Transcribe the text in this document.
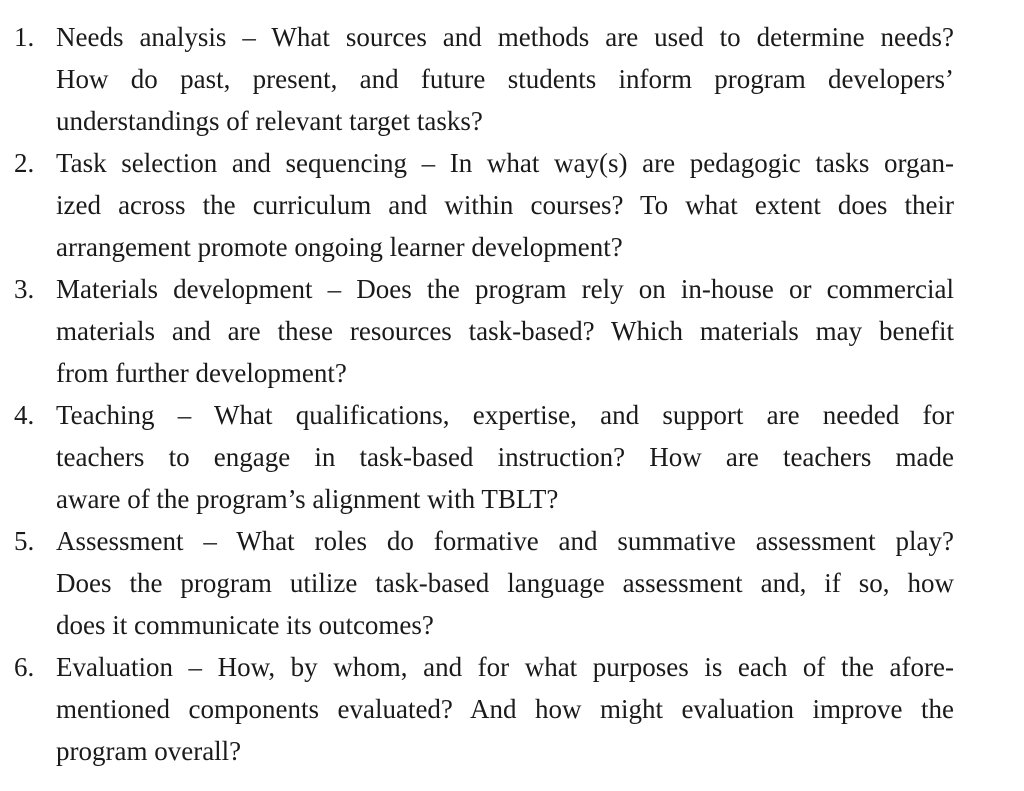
1. Needs analysis – What sources and methods are used to determine needs?
How do past, present, and future students inform program developers’
understandings of relevant target tasks?
2. Task selection and sequencing – In what way(s) are pedagogic tasks organ-
ized across the curriculum and within courses? To what extent does their
arrangement promote ongoing learner development?
3. Materials development – Does the program rely on in-house or commercial
materials and are these resources task-based? Which materials may benefit
from further development?
4. Teaching – What qualifications, expertise, and support are needed for
teachers to engage in task-based instruction? How are teachers made
aware of the program’s alignment with TBLT?
5. Assessment – What roles do formative and summative assessment play?
Does the program utilize task-based language assessment and, if so, how
does it communicate its outcomes?
6. Evaluation – How, by whom, and for what purposes is each of the afore-
mentioned components evaluated? And how might evaluation improve the
program overall?
